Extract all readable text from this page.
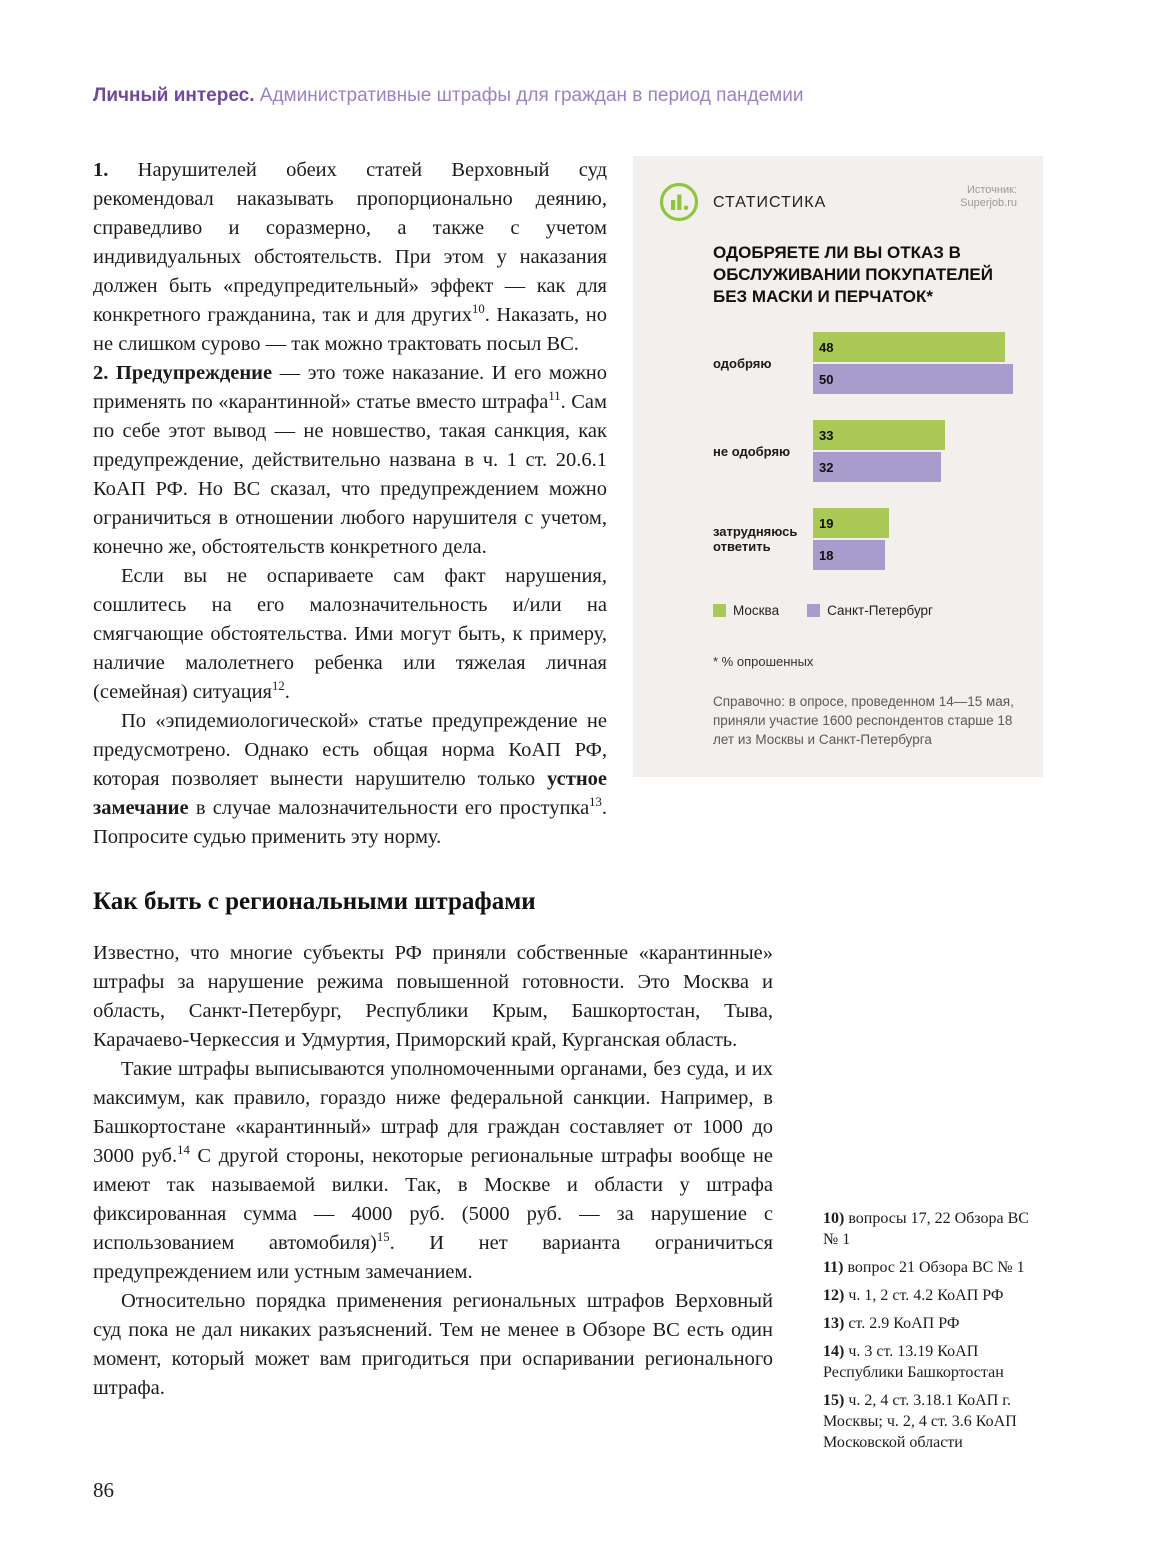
Личный интерес. Административные штрафы для граждан в период пандемии
СТАТИСТИКА
Источник:
Superjob.ru
ОДОБРЯЕТЕ ЛИ ВЫ ОТКАЗ В ОБСЛУЖИВАНИИ ПОКУПАТЕЛЕЙ БЕЗ МАСКИ И ПЕРЧАТОК*
одобряю
48
50
не одобряю
33
32
затрудняюсь ответить
19
18
Москва	Санкт-Петербург
* % опрошенных
Справочно: в опросе, проведенном 14—15 мая, приняли участие 1600 респондентов старше 18 лет из Москвы и Санкт-Петербурга

1. Нарушителей обеих статей Верховный суд рекомендовал наказывать пропорционально деянию, справедливо и соразмерно, а также с учетом индивидуальных обстоятельств. При этом у наказания должен быть «предупредительный» эффект — как для конкретного гражданина, так и для других$^{10}$. Наказать, но не слишком сурово — так можно трактовать посыл ВС.

2. Предупреждение — это тоже наказание. И его можно применять по «карантинной» статье вместо штрафа$^{11}$. Сам по себе этот вывод — не новшество, такая санкция, как предупреждение, действительно названа в ч. 1 ст. 20.6.1 КоАП РФ. Но ВС сказал, что предупреждением можно ограничиться в отношении любого нарушителя с учетом, конечно же, обстоятельств конкретного дела.

Если вы не оспариваете сам факт нарушения, сошлитесь на его малозначительность и/или на смягчающие обстоятельства. Ими могут быть, к примеру, наличие малолетнего ребенка или тяжелая личная (семейная) ситуация$^{12}$.

По «эпидемиологической» статье предупреждение не предусмотрено. Однако есть общая норма КоАП РФ, которая позволяет вынести нарушителю только устное замечание в случае малозначительности его проступка$^{13}$. Попросите судью применить эту норму.

Как быть с региональными штрафами

Известно, что многие субъекты РФ приняли собственные «карантинные» штрафы за нарушение режима повышенной готовности. Это Москва и область, Санкт-Петербург, Республики Крым, Башкортостан, Тыва, Карачаево-Черкессия и Удмуртия, Приморский край, Курганская область.

Такие штрафы выписываются уполномоченными органами, без суда, и их максимум, как правило, гораздо ниже федеральной санкции. Например, в Башкортостане «карантинный» штраф для граждан составляет от 1000 до 3000 руб.$^{14}$ С другой стороны, некоторые региональные штрафы вообще не имеют так называемой вилки. Так, в Москве и области у штрафа фиксированная сумма — 4000 руб. (5000 руб. — за нарушение с использованием автомобиля)$^{15}$. И нет варианта ограничиться предупреждением или устным замечанием.

Относительно порядка применения региональных штрафов Верховный суд пока не дал никаких разъяснений. Тем не менее в Обзоре ВС есть один момент, который может вам пригодиться при оспаривании регионального штрафа.

10) вопросы 17, 22 Обзора ВС № 1
11) вопрос 21 Обзора ВС № 1
12) ч. 1, 2 ст. 4.2 КоАП РФ
13) ст. 2.9 КоАП РФ
14) ч. 3 ст. 13.19 КоАП Республики Башкортостан
15) ч. 2, 4 ст. 3.18.1 КоАП г. Москвы; ч. 2, 4 ст. 3.6 КоАП Московской области
86
